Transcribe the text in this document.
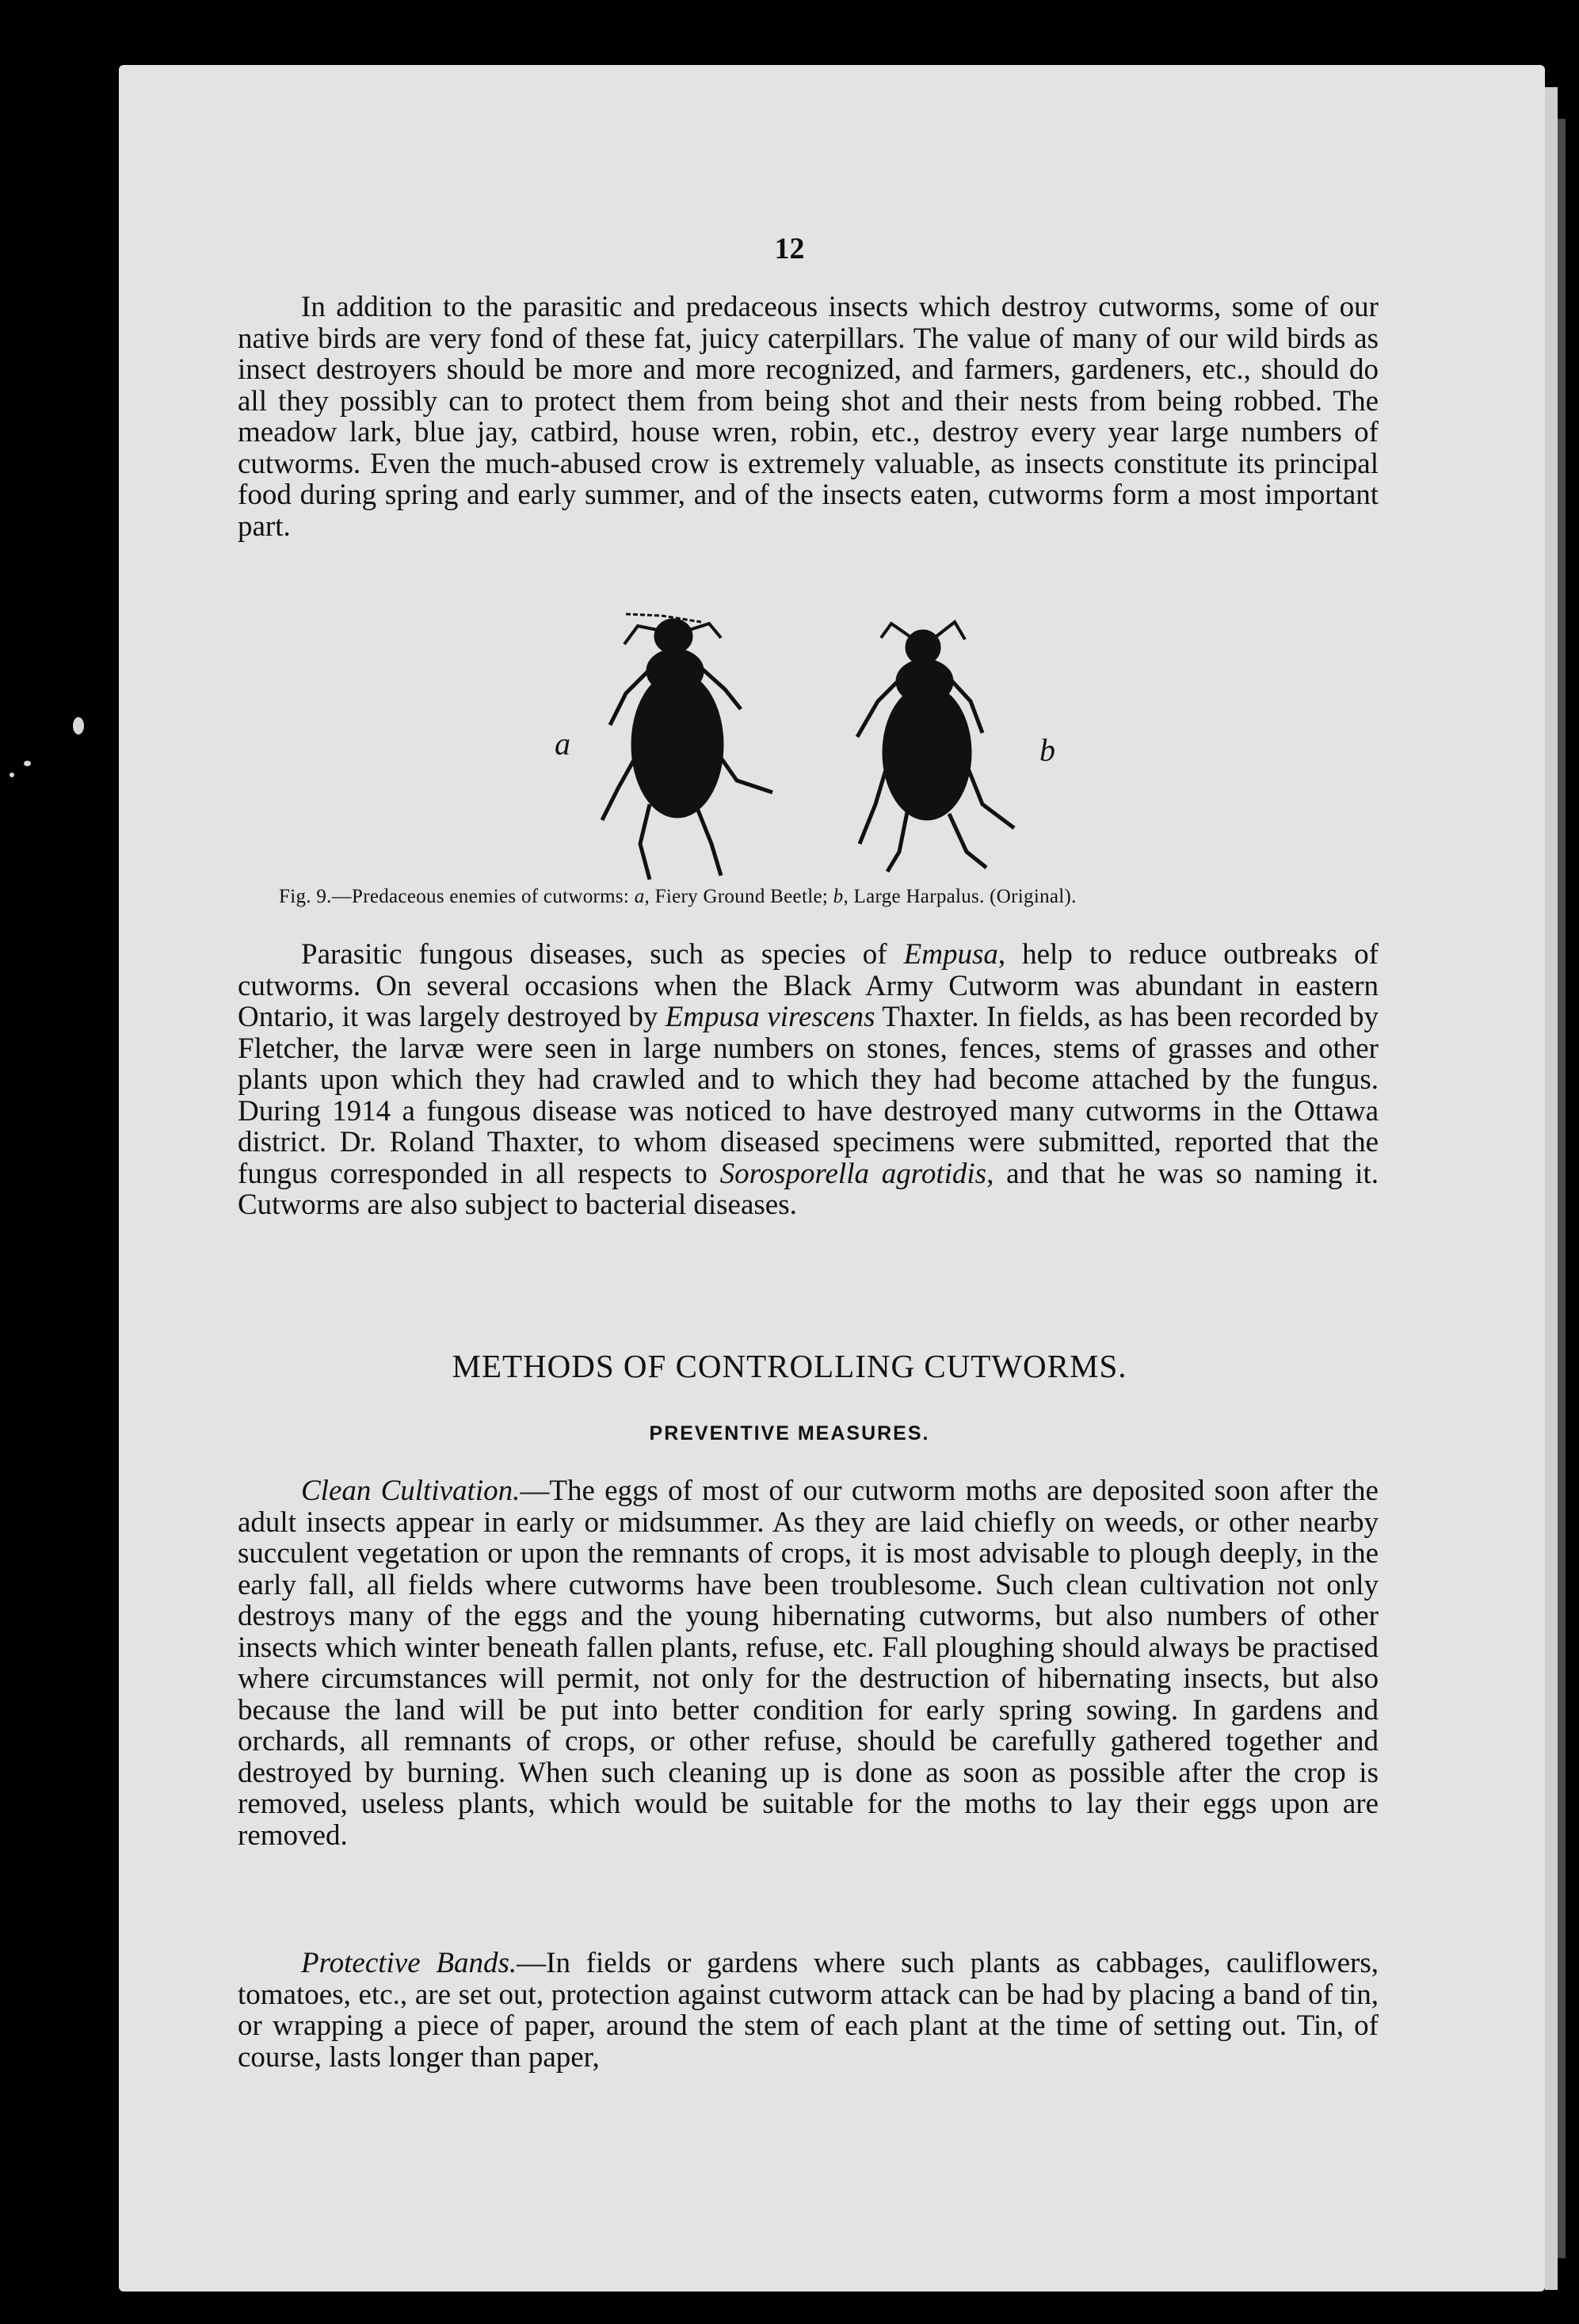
12

In addition to the parasitic and predaceous insects which destroy cutworms, some of our native birds are very fond of these fat, juicy caterpillars. The value of many of our wild birds as insect destroyers should be more and more recognized, and farmers, gardeners, etc., should do all they possibly can to protect them from being shot and their nests from being robbed. The meadow lark, blue jay, catbird, house wren, robin, etc., destroy every year large numbers of cutworms. Even the much-abused crow is extremely valuable, as insects constitute its principal food during spring and early summer, and of the insects eaten, cutworms form a most important part.

a	b
Fig. 9.—Predaceous enemies of cutworms: a, Fiery Ground Beetle; b, Large Harpalus. (Original).

Parasitic fungous diseases, such as species of Empusa, help to reduce outbreaks of cutworms. On several occasions when the Black Army Cutworm was abundant in eastern Ontario, it was largely destroyed by Empusa virescens Thaxter. In fields, as has been recorded by Fletcher, the larvæ were seen in large numbers on stones, fences, stems of grasses and other plants upon which they had crawled and to which they had become attached by the fungus. During 1914 a fungous disease was noticed to have destroyed many cutworms in the Ottawa district. Dr. Roland Thaxter, to whom diseased specimens were submitted, reported that the fungus corresponded in all respects to Sorosporella agrotidis, and that he was so naming it. Cutworms are also subject to bacterial diseases.

METHODS OF CONTROLLING CUTWORMS.
PREVENTIVE MEASURES.

Clean Cultivation.—The eggs of most of our cutworm moths are deposited soon after the adult insects appear in early or midsummer. As they are laid chiefly on weeds, or other nearby succulent vegetation or upon the remnants of crops, it is most advisable to plough deeply, in the early fall, all fields where cutworms have been troublesome. Such clean cultivation not only destroys many of the eggs and the young hibernating cutworms, but also numbers of other insects which winter beneath fallen plants, refuse, etc. Fall ploughing should always be practised where circumstances will permit, not only for the destruction of hibernating insects, but also because the land will be put into better condition for early spring sowing. In gardens and orchards, all remnants of crops, or other refuse, should be carefully gathered together and destroyed by burning. When such cleaning up is done as soon as possible after the crop is removed, useless plants, which would be suitable for the moths to lay their eggs upon are removed.

Protective Bands.—In fields or gardens where such plants as cabbages, cauliflowers, tomatoes, etc., are set out, protection against cutworm attack can be had by placing a band of tin, or wrapping a piece of paper, around the stem of each plant at the time of setting out. Tin, of course, lasts longer than paper,
